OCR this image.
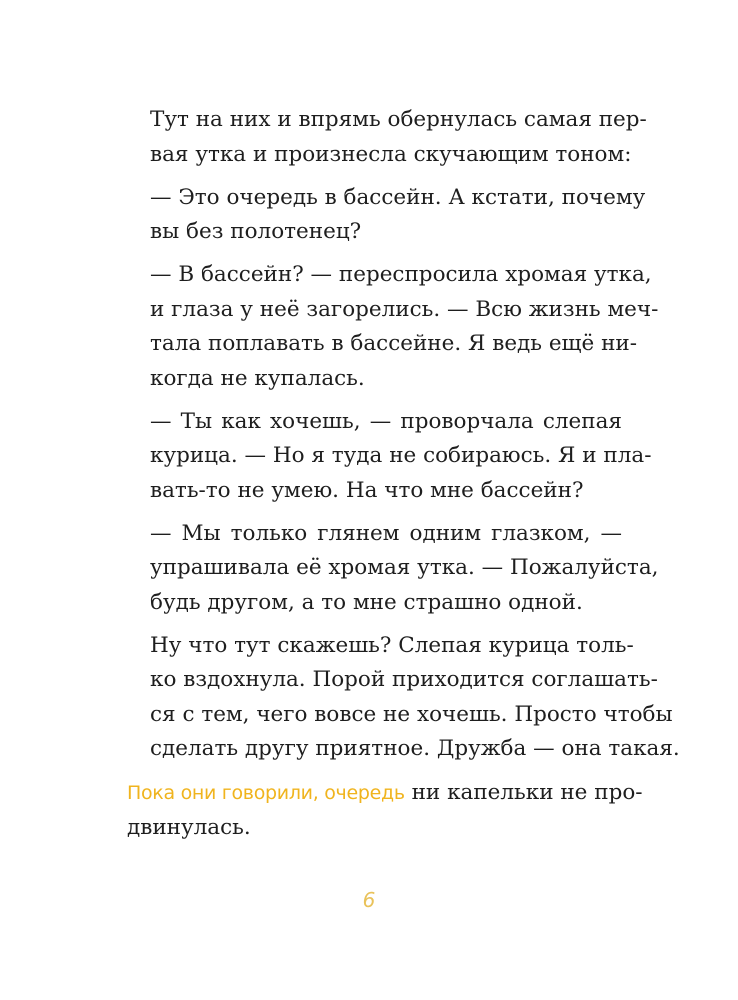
Тут на них и впрямь обернулась самая пер-
вая утка и произнесла скучающим тоном:

— Это очередь в бассейн. А кстати, почему
вы без полотенец?

— В бассейн? — переспросила хромая утка,
и глаза у неё загорелись. — Всю жизнь меч-
тала поплавать в бассейне. Я ведь ещё ни-
когда не купалась.

— Ты как хочешь, — проворчала слепая
курица. — Но я туда не собираюсь. Я и пла-
вать-то не умею. На что мне бассейн?

— Мы только глянем одним глазком, —
упрашивала её хромая утка. — Пожалуйста,
будь другом, а то мне страшно одной.

Ну что тут скажешь? Слепая курица толь-
ко вздохнула. Порой приходится соглашать-
ся с тем, чего вовсе не хочешь. Просто чтобы
сделать другу приятное. Дружба — она такая.

Пока они говорили, очередь ни капельки не про-
двинулась.
6
